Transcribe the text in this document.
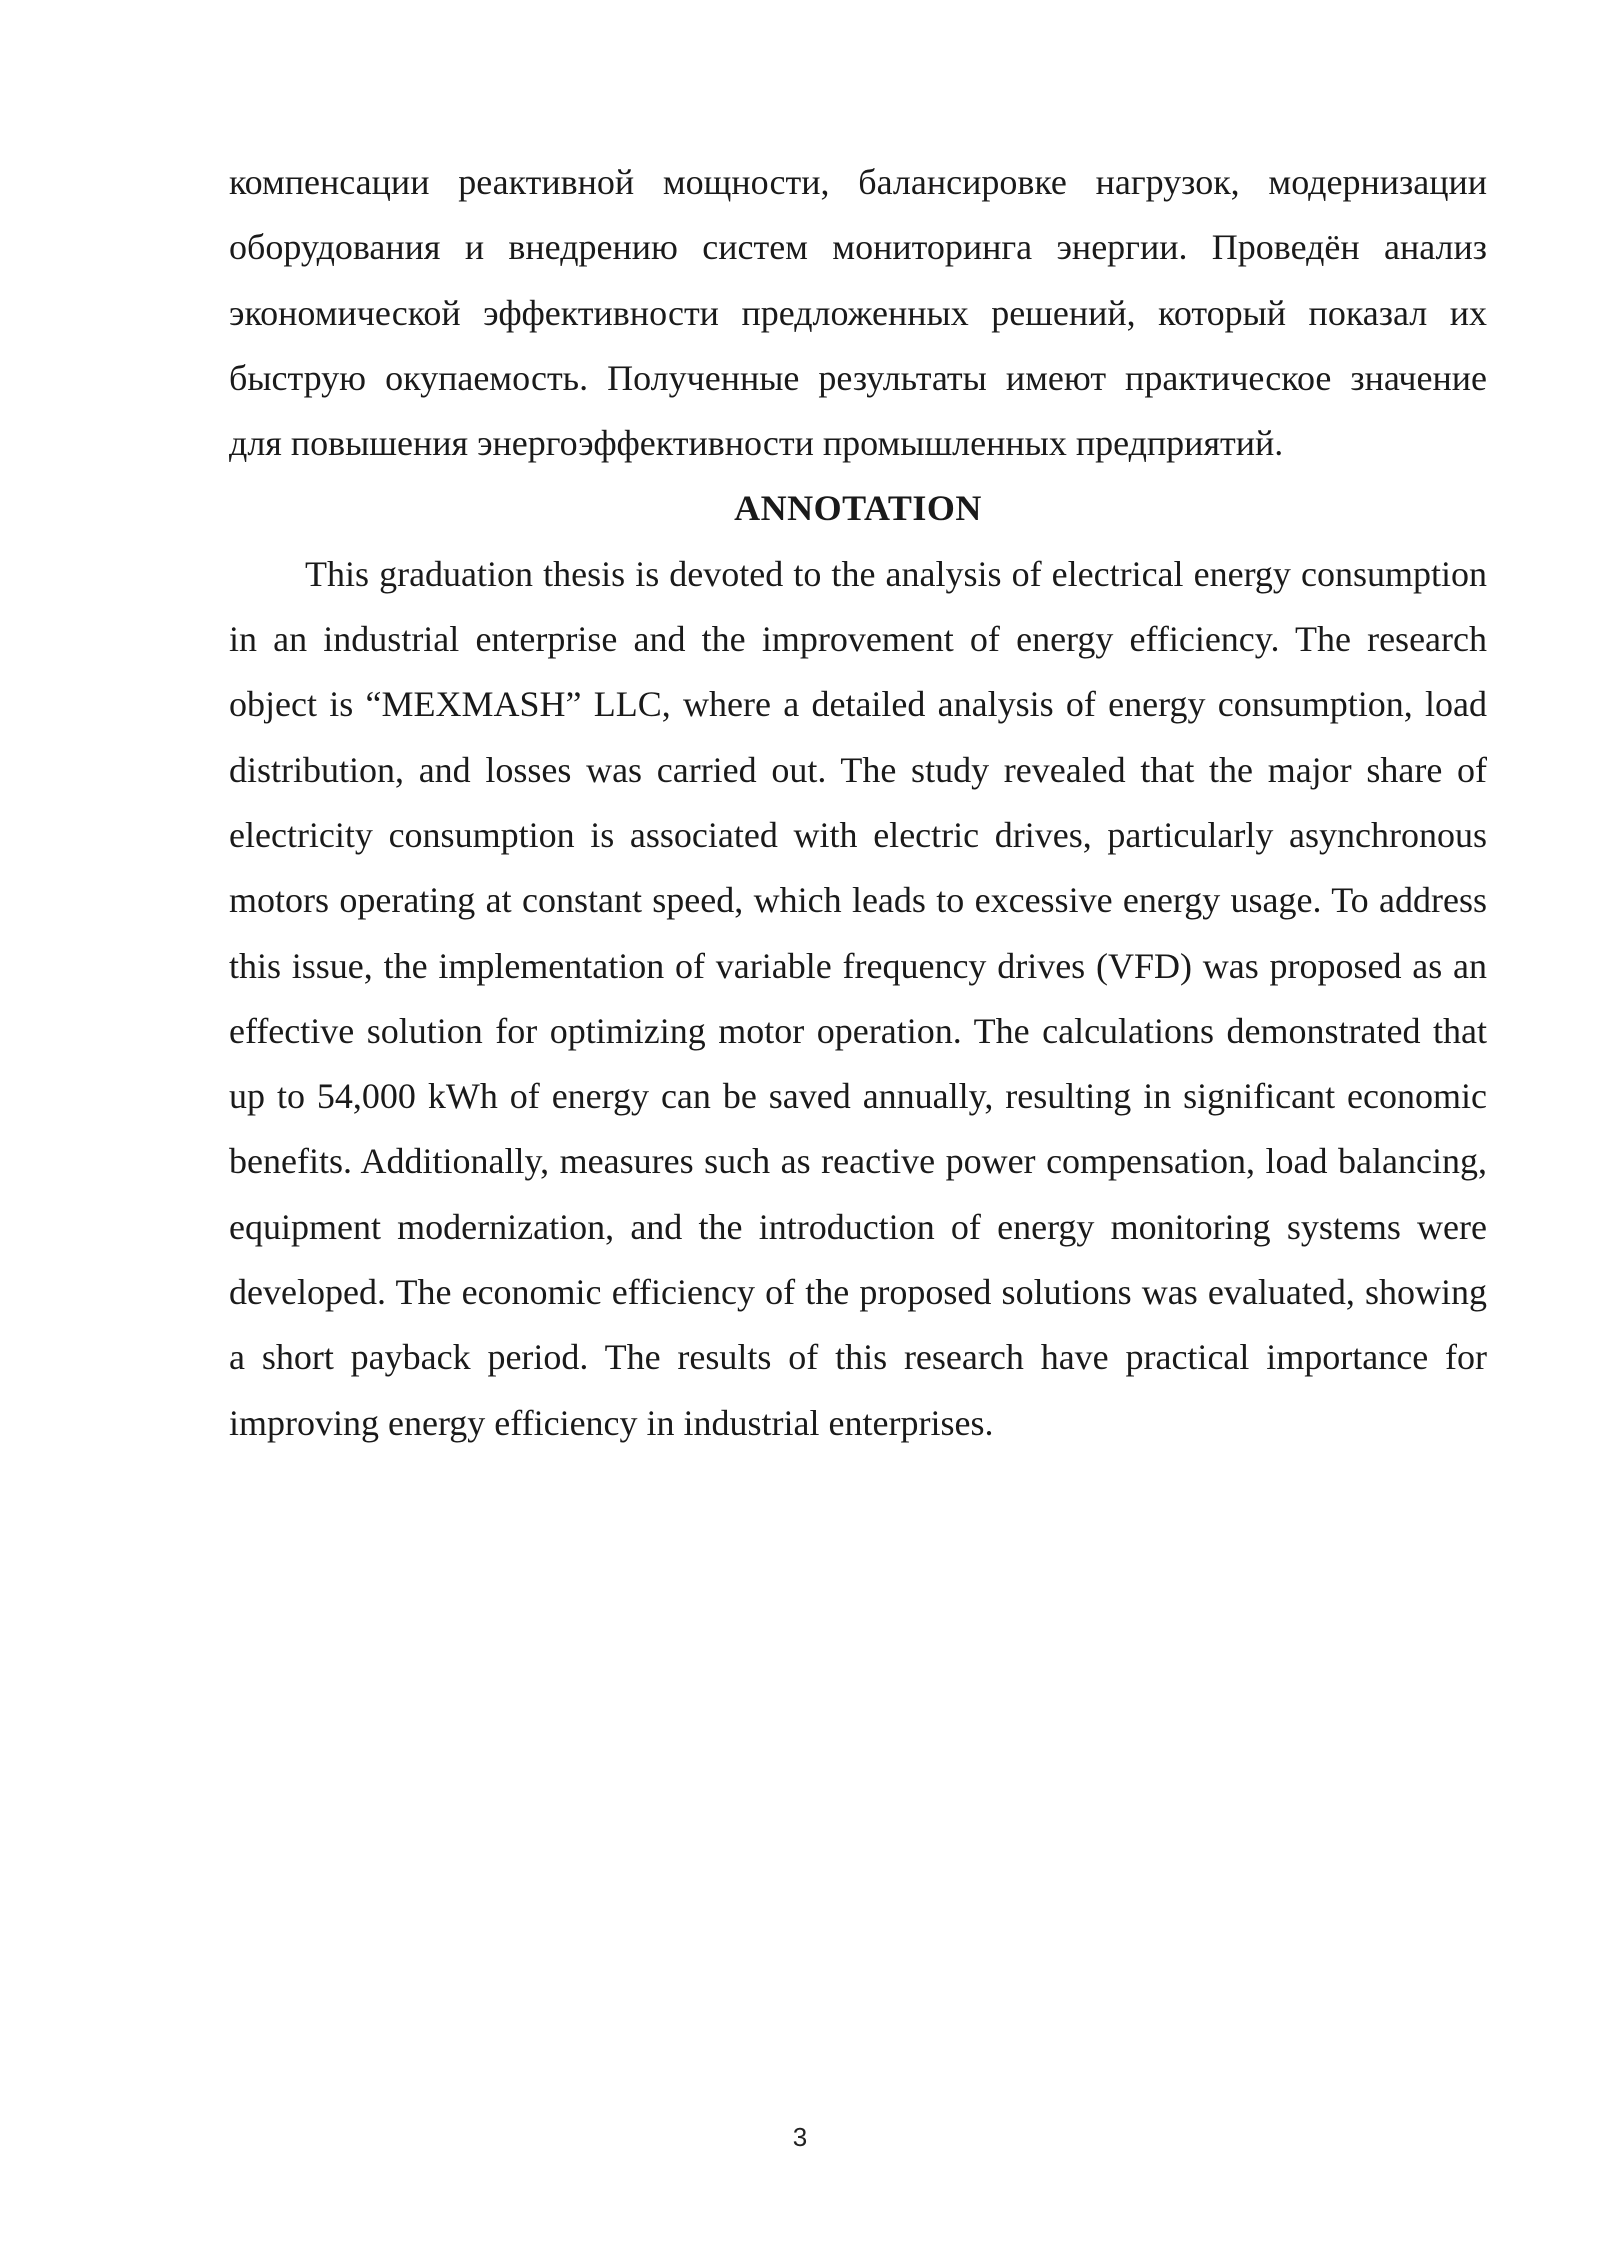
компенсации реактивной мощности, балансировке нагрузок, модернизации оборудования и внедрению систем мониторинга энергии. Проведён анализ экономической эффективности предложенных решений, который показал их быструю окупаемость. Полученные результаты имеют практическое значение для повышения энергоэффективности промышленных предприятий.

ANNOTATION

This graduation thesis is devoted to the analysis of electrical energy consumption in an industrial enterprise and the improvement of energy efficiency. The research object is “MEXMASH” LLC, where a detailed analysis of energy consumption, load distribution, and losses was carried out. The study revealed that the major share of electricity consumption is associated with electric drives, particularly asynchronous motors operating at constant speed, which leads to excessive energy usage. To address this issue, the implementation of variable frequency drives (VFD) was proposed as an effective solution for optimizing motor operation. The calculations demonstrated that up to 54,000 kWh of energy can be saved annually, resulting in significant economic benefits. Additionally, measures such as reactive power compensation, load balancing, equipment modernization, and the introduction of energy monitoring systems were developed. The economic efficiency of the proposed solutions was evaluated, showing a short payback period. The results of this research have practical importance for improving energy efficiency in industrial enterprises.

3
